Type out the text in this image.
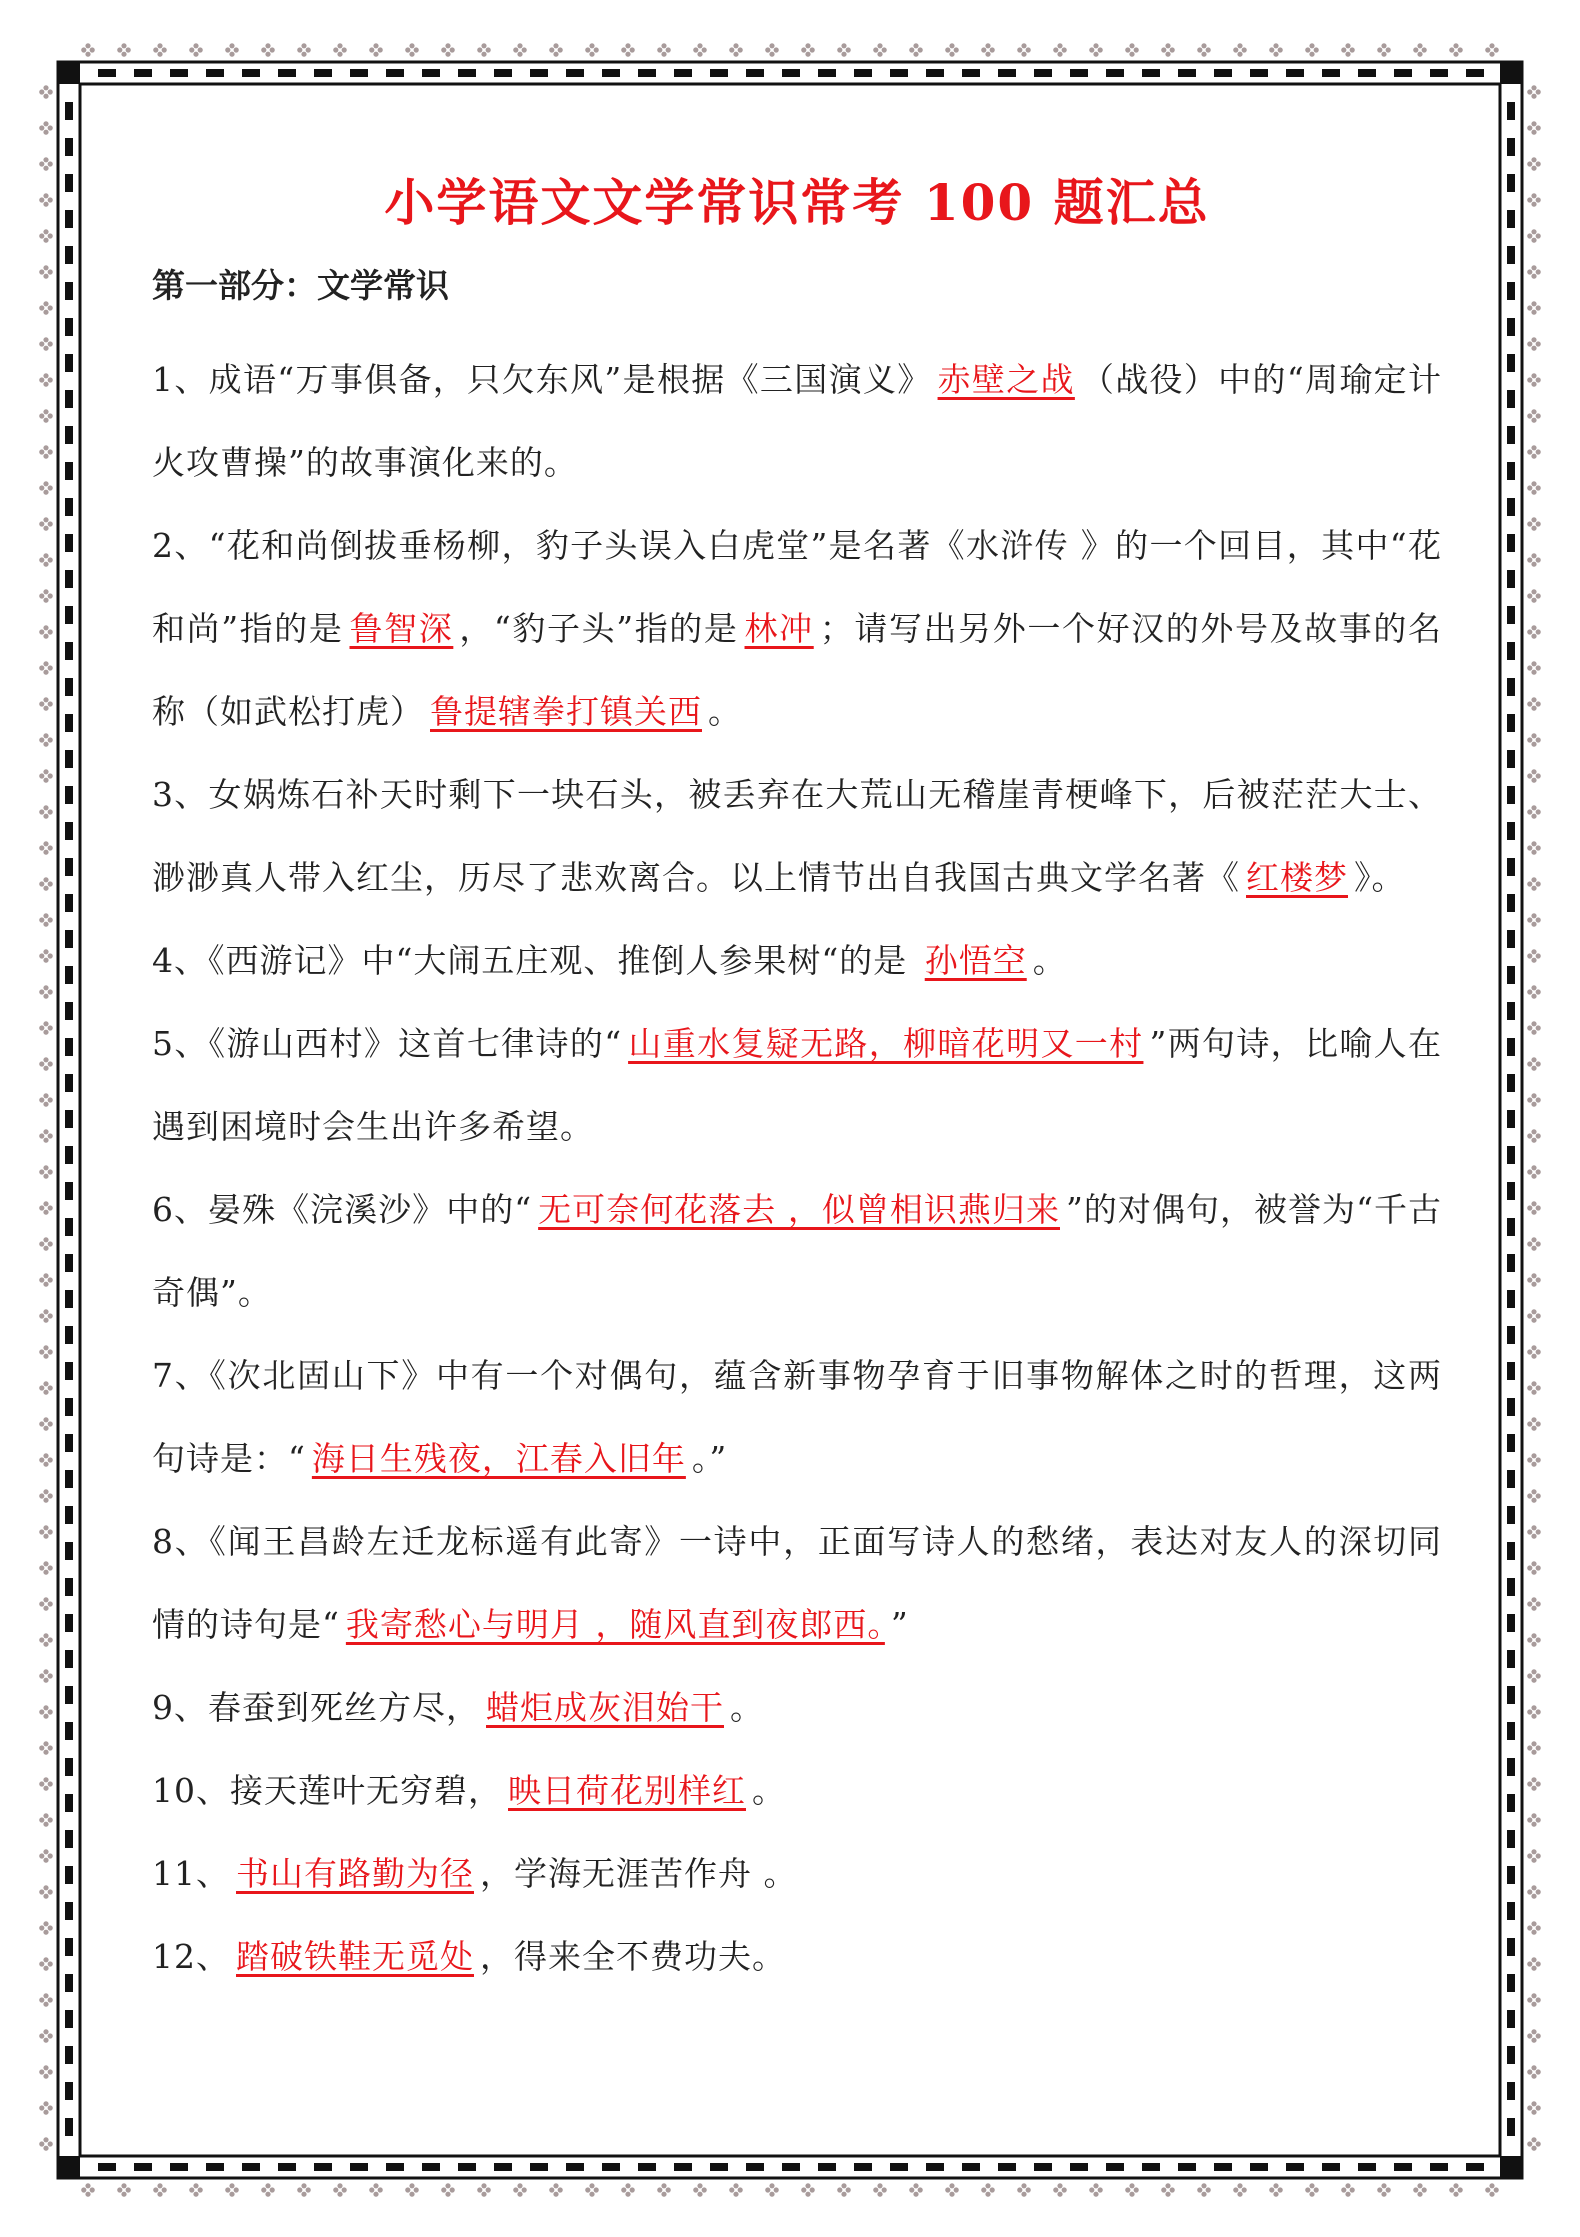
小学语文文学常识常考 100 题汇总
第一部分：文学常识
1、成语“万事俱备，只欠东风”是根据《三国演义》 赤壁之战 （战役）中的“周瑜定计火攻曹操”的故事演化来的。
2、“花和尚倒拔垂杨柳，豹子头误入白虎堂”是名著《水浒传 》的一个回目，其中“花和尚”指的是 鲁智深 ，“豹子头”指的是 林冲 ；请写出另外一个好汉的外号及故事的名称（如武松打虎） 鲁提辖拳打镇关西 。
3、女娲炼石补天时剩下一块石头，被丢弃在大荒山无稽崖青梗峰下，后被茫茫大士、渺渺真人带入红尘，历尽了悲欢离合。以上情节出自我国古典文学名著《 红楼梦 》。
4、《西游记》中“大闹五庄观、推倒人参果树“的是 孙悟空 。
5、《游山西村》这首七律诗的“ 山重水复疑无路，柳暗花明又一村 ”两句诗，比喻人在遇到困境时会生出许多希望。
6、晏殊《浣溪沙》中的“ 无可奈何花落去 ，似曾相识燕归来 ”的对偶句，被誉为“千古奇偶”。
7、《次北固山下》中有一个对偶句，蕴含新事物孕育于旧事物解体之时的哲理，这两句诗是：“ 海日生残夜，江春入旧年 。”
8、《闻王昌龄左迁龙标遥有此寄》一诗中，正面写诗人的愁绪，表达对友人的深切同情的诗句是“ 我寄愁心与明月 ，随风直到夜郎西。 ”
9、春蚕到死丝方尽， 蜡炬成灰泪始干 。
10、接天莲叶无穷碧， 映日荷花别样红 。
11、 书山有路勤为径 ，学海无涯苦作舟 。
12、 踏破铁鞋无觅处 ，得来全不费功夫。
